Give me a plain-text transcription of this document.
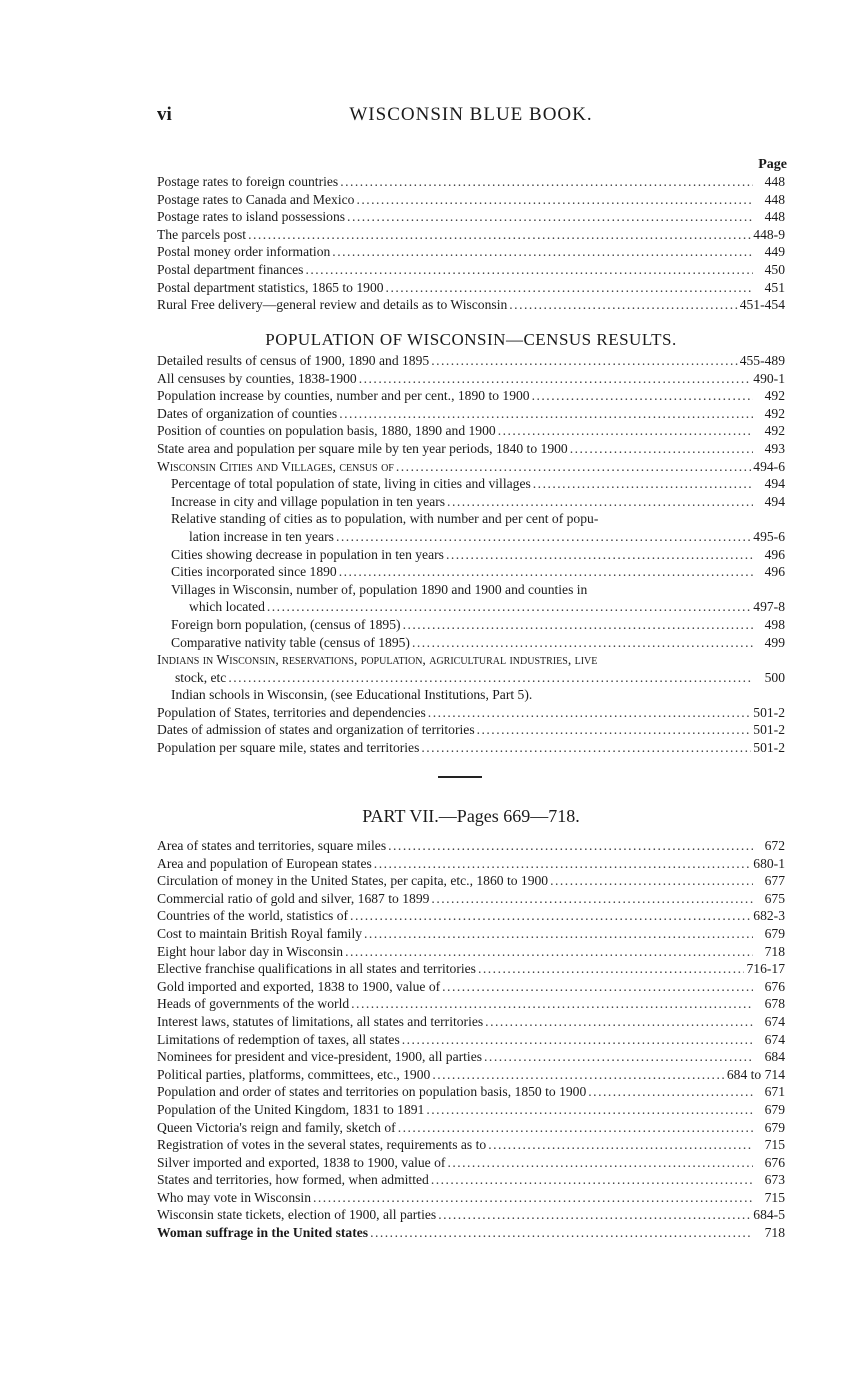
vi	WISCONSIN BLUE BOOK.
Page
Postage rates to foreign countries .....	448
Postage rates to Canada and Mexico .....	448
Postage rates to island possessions .....	448
The parcels post .....	448-9
Postal money order information .....	449
Postal department finances .....	450
Postal department statistics, 1865 to 1900 .....	451
Rural Free delivery—general review and details as to Wisconsin .....	451-454
POPULATION OF WISCONSIN—CENSUS RESULTS.
Detailed results of census of 1900, 1890 and 1895 .....	455-489
All censuses by counties, 1838-1900 .....	490-1
Population increase by counties, number and per cent., 1890 to 1900 .....	492
Dates of organization of counties .....	492
Position of counties on population basis, 1880, 1890 and 1900 .....	492
State area and population per square mile by ten year periods, 1840 to 1900 .....	493
Wisconsin Cities and Villages, census of .....	494-6
Percentage of total population of state, living in cities and villages .....	494
Increase in city and village population in ten years .....	494
Relative standing of cities as to population, with number and per cent of popu-
lation increase in ten years .....	495-6
Cities showing decrease in population in ten years .....	496
Cities incorporated since 1890 .....	496
Villages in Wisconsin, number of, population 1890 and 1900 and counties in
which located .....	497-8
Foreign born population, (census of 1895) .....	498
Comparative nativity table (census of 1895) .....	499
Indians in Wisconsin, reservations, population, agricultural industries, live
stock, etc .....	500
Indian schools in Wisconsin, (see Educational Institutions, Part 5).
Population of States, territories and dependencies .....	501-2
Dates of admission of states and organization of territories .....	501-2
Population per square mile, states and territories .....	501-2
PART VII.—Pages 669—718.
Area of states and territories, square miles .....	672
Area and population of European states .....	680-1
Circulation of money in the United States, per capita, etc., 1860 to 1900 .....	677
Commercial ratio of gold and silver, 1687 to 1899 .....	675
Countries of the world, statistics of .....	682-3
Cost to maintain British Royal family .....	679
Eight hour labor day in Wisconsin .....	718
Elective franchise qualifications in all states and territories .....	716-17
Gold imported and exported, 1838 to 1900, value of .....	676
Heads of governments of the world .....	678
Interest laws, statutes of limitations, all states and territories .....	674
Limitations of redemption of taxes, all states .....	674
Nominees for president and vice-president, 1900, all parties .....	684
Political parties, platforms, committees, etc., 1900 .....	684 to 714
Population and order of states and territories on population basis, 1850 to 1900 .....	671
Population of the United Kingdom, 1831 to 1891 .....	679
Queen Victoria's reign and family, sketch of .....	679
Registration of votes in the several states, requirements as to .....	715
Silver imported and exported, 1838 to 1900, value of .....	676
States and territories, how formed, when admitted .....	673
Who may vote in Wisconsin .....	715
Wisconsin state tickets, election of 1900, all parties .....	684-5
Woman suffrage in the United states .....	718
